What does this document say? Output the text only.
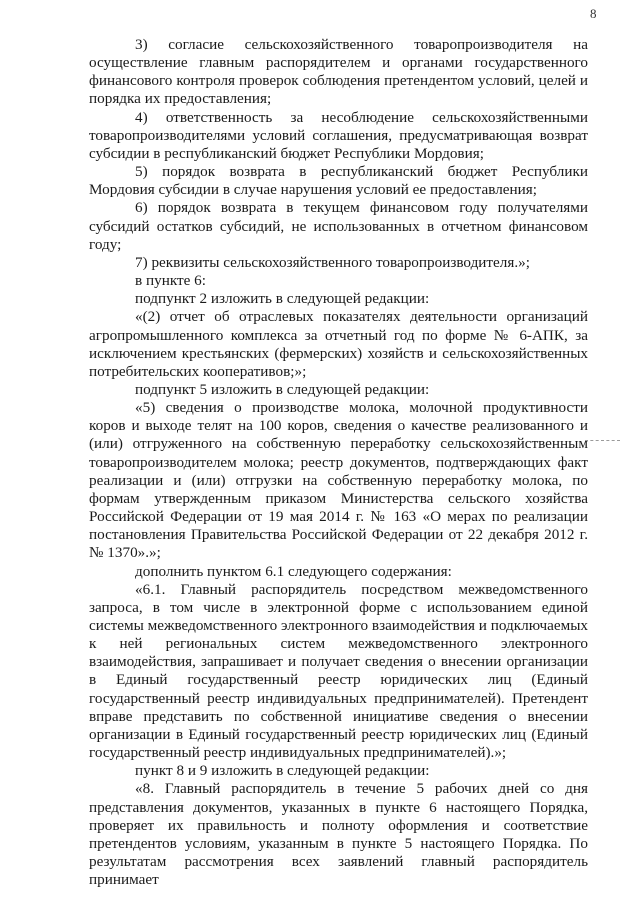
8

3) согласие сельскохозяйственного товаропроизводителя на осуществление главным распорядителем и органами государственного финансового контроля проверок соблюдения претендентом условий, целей и порядка их предоставления;

4) ответственность за несоблюдение сельскохозяйственными товаропроизводителями условий соглашения, предусматривающая возврат субсидии в республиканский бюджет Республики Мордовия;

5) порядок возврата в республиканский бюджет Республики Мордовия субсидии в случае нарушения условий ее предоставления;

6) порядок возврата в текущем финансовом году получателями субсидий остатков субсидий, не использованных в отчетном финансовом году;

7) реквизиты сельскохозяйственного товаропроизводителя.»;

в пункте 6:

подпункт 2 изложить в следующей редакции:

«(2) отчет об отраслевых показателях деятельности организаций агропромышленного комплекса за отчетный год по форме № 6-АПК, за исключением крестьянских (фермерских) хозяйств и сельскохозяйственных потребительских кооперативов;»;

подпункт 5 изложить в следующей редакции:

«5) сведения о производстве молока, молочной продуктивности коров и выходе телят на 100 коров, сведения о качестве реализованного и (или) отгруженного на собственную переработку сельскохозяйственным товаропроизводителем молока; реестр документов, подтверждающих факт реализации и (или) отгрузки на собственную переработку молока, по формам утвержденным приказом Министерства сельского хозяйства Российской Федерации от 19 мая 2014 г. № 163 «О мерах по реализации постановления Правительства Российской Федерации от 22 декабря 2012 г. № 1370».»;

дополнить пунктом 6.1 следующего содержания:

«6.1. Главный распорядитель посредством межведомственного запроса, в том числе в электронной форме с использованием единой системы межведомственного электронного взаимодействия и подключаемых к ней региональных систем межведомственного электронного взаимодействия, запрашивает и получает сведения о внесении организации в Единый государственный реестр юридических лиц (Единый государственный реестр индивидуальных предпринимателей). Претендент вправе представить по собственной инициативе сведения о внесении организации в Единый государственный реестр юридических лиц (Единый государственный реестр индивидуальных предпринимателей).»;

пункт 8 и 9 изложить в следующей редакции:

«8. Главный распорядитель в течение 5 рабочих дней со дня представления документов, указанных в пункте 6 настоящего Порядка, проверяет их правильность и полноту оформления и соответствие претендентов условиям, указанным в пункте 5 настоящего Порядка. По результатам рассмотрения всех заявлений главный распорядитель принимает
